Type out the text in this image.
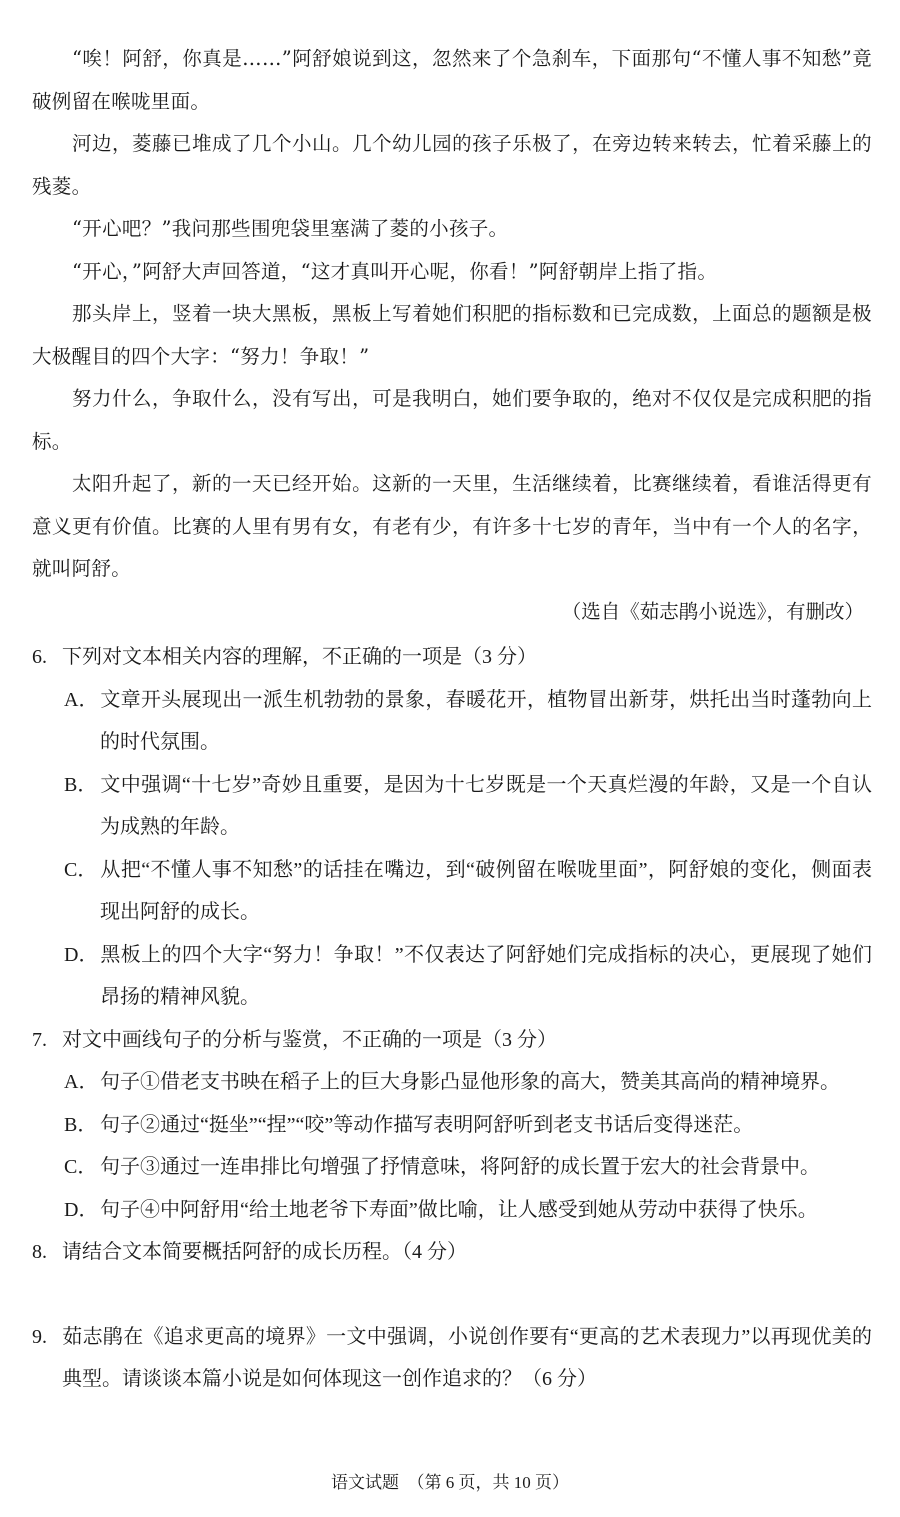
“唉！阿舒，你真是……”阿舒娘说到这，忽然来了个急刹车，下面那句“不懂人事不知愁”竟破例留在喉咙里面。

河边，菱藤已堆成了几个小山。几个幼儿园的孩子乐极了，在旁边转来转去，忙着采藤上的残菱。

“开心吧？”我问那些围兜袋里塞满了菱的小孩子。

“开心，”阿舒大声回答道，“这才真叫开心呢，你看！”阿舒朝岸上指了指。

那头岸上，竖着一块大黑板，黑板上写着她们积肥的指标数和已完成数，上面总的题额是极大极醒目的四个大字：“努力！争取！”

努力什么，争取什么，没有写出，可是我明白，她们要争取的，绝对不仅仅是完成积肥的指标。

太阳升起了，新的一天已经开始。这新的一天里，生活继续着，比赛继续着，看谁活得更有意义更有价值。比赛的人里有男有女，有老有少，有许多十七岁的青年，当中有一个人的名字，就叫阿舒。

（选自《茹志鹃小说选》，有删改）

6. 下列对文本相关内容的理解，不正确的一项是（3 分）

A．文章开头展现出一派生机勃勃的景象，春暖花开，植物冒出新芽，烘托出当时蓬勃向上的时代氛围。

B． 文中强调“十七岁”奇妙且重要，是因为十七岁既是一个天真烂漫的年龄，又是一个自认为成熟的年龄。

C． 从把“不懂人事不知愁”的话挂在嘴边，到“破例留在喉咙里面”，阿舒娘的变化，侧面表现出阿舒的成长。

D．黑板上的四个大字“努力！争取！”不仅表达了阿舒她们完成指标的决心，更展现了她们昂扬的精神风貌。

7. 对文中画线句子的分析与鉴赏，不正确的一项是（3 分）

A．句子①借老支书映在稻子上的巨大身影凸显他形象的高大，赞美其高尚的精神境界。

B． 句子②通过“挺坐”“捏”“咬”等动作描写表明阿舒听到老支书话后变得迷茫。

C． 句子③通过一连串排比句增强了抒情意味，将阿舒的成长置于宏大的社会背景中。

D．句子④中阿舒用“给土地老爷下寿面”做比喻，让人感受到她从劳动中获得了快乐。

8. 请结合文本简要概括阿舒的成长历程。（4 分）

9. 茹志鹃在《追求更高的境界》一文中强调，小说创作要有“更高的艺术表现力”以再现优美的典型。请谈谈本篇小说是如何体现这一创作追求的？（6 分）

语文试题　（第 6 页，共 10 页）
